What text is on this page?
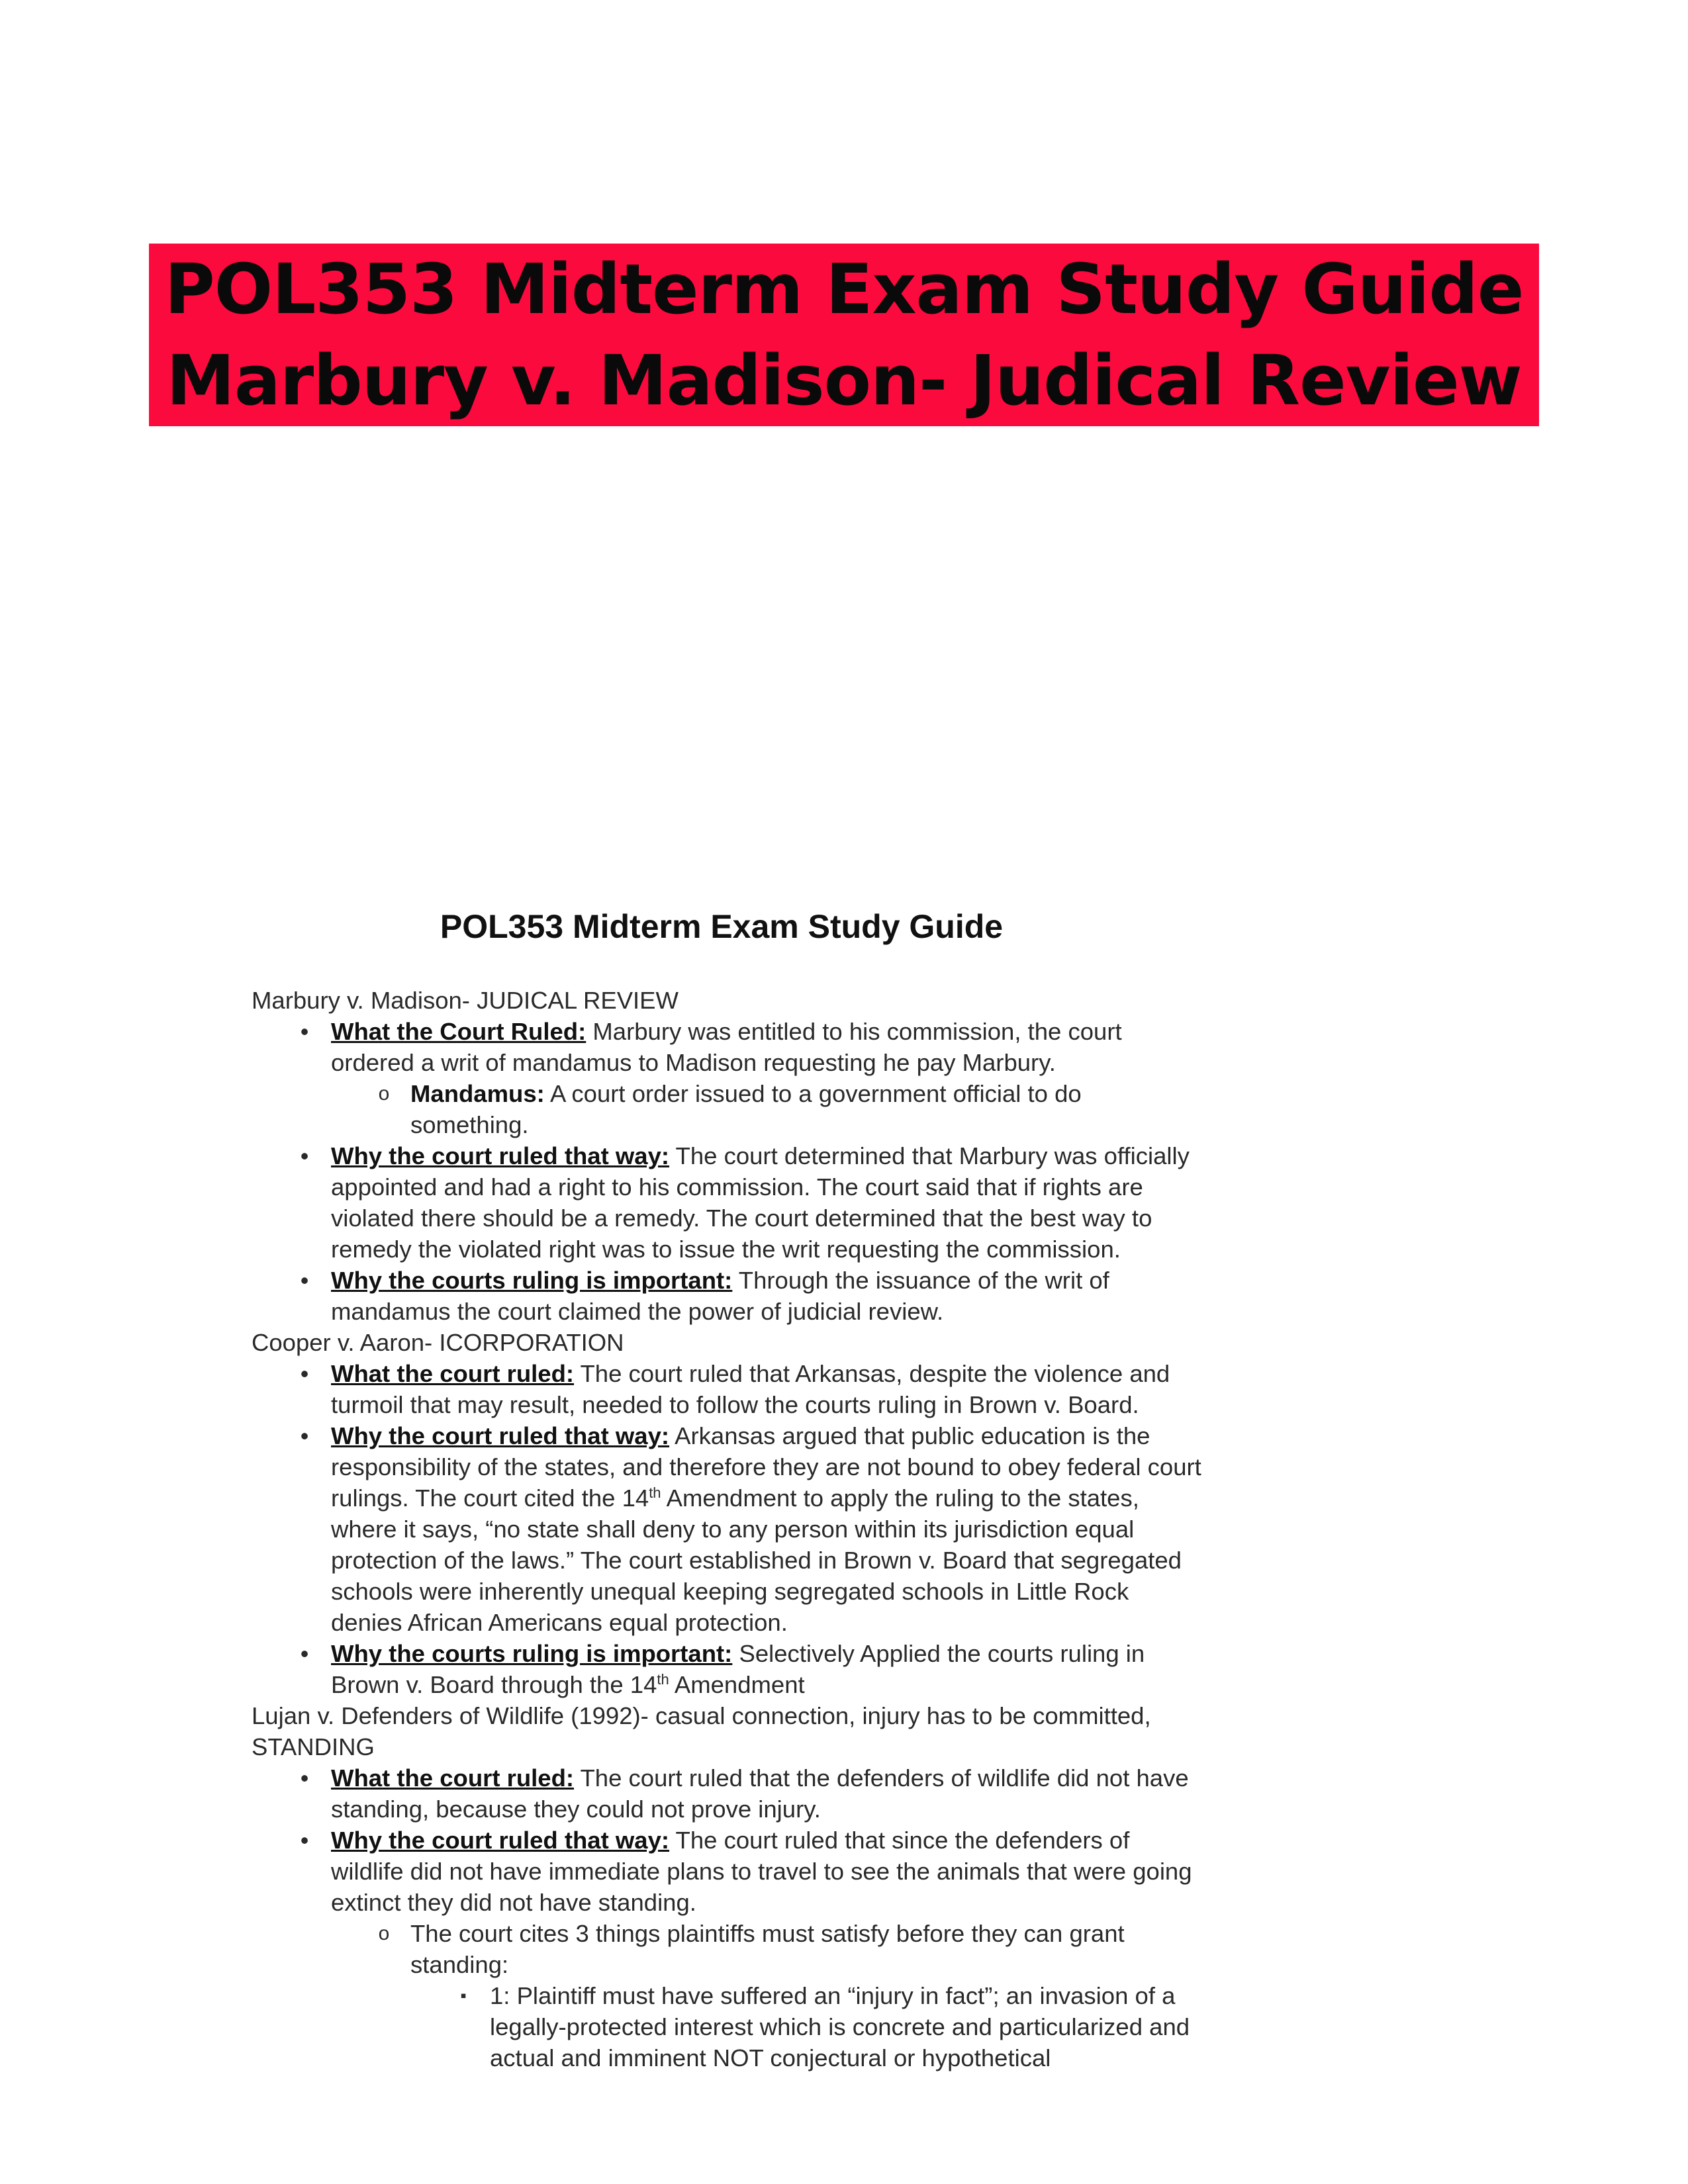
POL353 Midterm Exam Study Guide
Marbury v. Madison- Judical Review
POL353 Midterm Exam Study Guide
Marbury v. Madison- JUDICAL REVIEW
• What the Court Ruled: Marbury was entitled to his commission, the court ordered a writ of mandamus to Madison requesting he pay Marbury.
o Mandamus: A court order issued to a government official to do something.
• Why the court ruled that way: The court determined that Marbury was officially appointed and had a right to his commission. The court said that if rights are violated there should be a remedy. The court determined that the best way to remedy the violated right was to issue the writ requesting the commission.
• Why the courts ruling is important: Through the issuance of the writ of mandamus the court claimed the power of judicial review.
Cooper v. Aaron- ICORPORATION
• What the court ruled: The court ruled that Arkansas, despite the violence and turmoil that may result, needed to follow the courts ruling in Brown v. Board.
• Why the court ruled that way: Arkansas argued that public education is the responsibility of the states, and therefore they are not bound to obey federal court rulings. The court cited the 14th Amendment to apply the ruling to the states, where it says, “no state shall deny to any person within its jurisdiction equal protection of the laws.” The court established in Brown v. Board that segregated schools were inherently unequal keeping segregated schools in Little Rock denies African Americans equal protection.
• Why the courts ruling is important: Selectively Applied the courts ruling in Brown v. Board through the 14th Amendment
Lujan v. Defenders of Wildlife (1992)- casual connection, injury has to be committed, STANDING
• What the court ruled: The court ruled that the defenders of wildlife did not have standing, because they could not prove injury.
• Why the court ruled that way: The court ruled that since the defenders of wildlife did not have immediate plans to travel to see the animals that were going extinct they did not have standing.
o The court cites 3 things plaintiffs must satisfy before they can grant standing:
▪ 1: Plaintiff must have suffered an “injury in fact”; an invasion of a legally-protected interest which is concrete and particularized and actual and imminent NOT conjectural or hypothetical
